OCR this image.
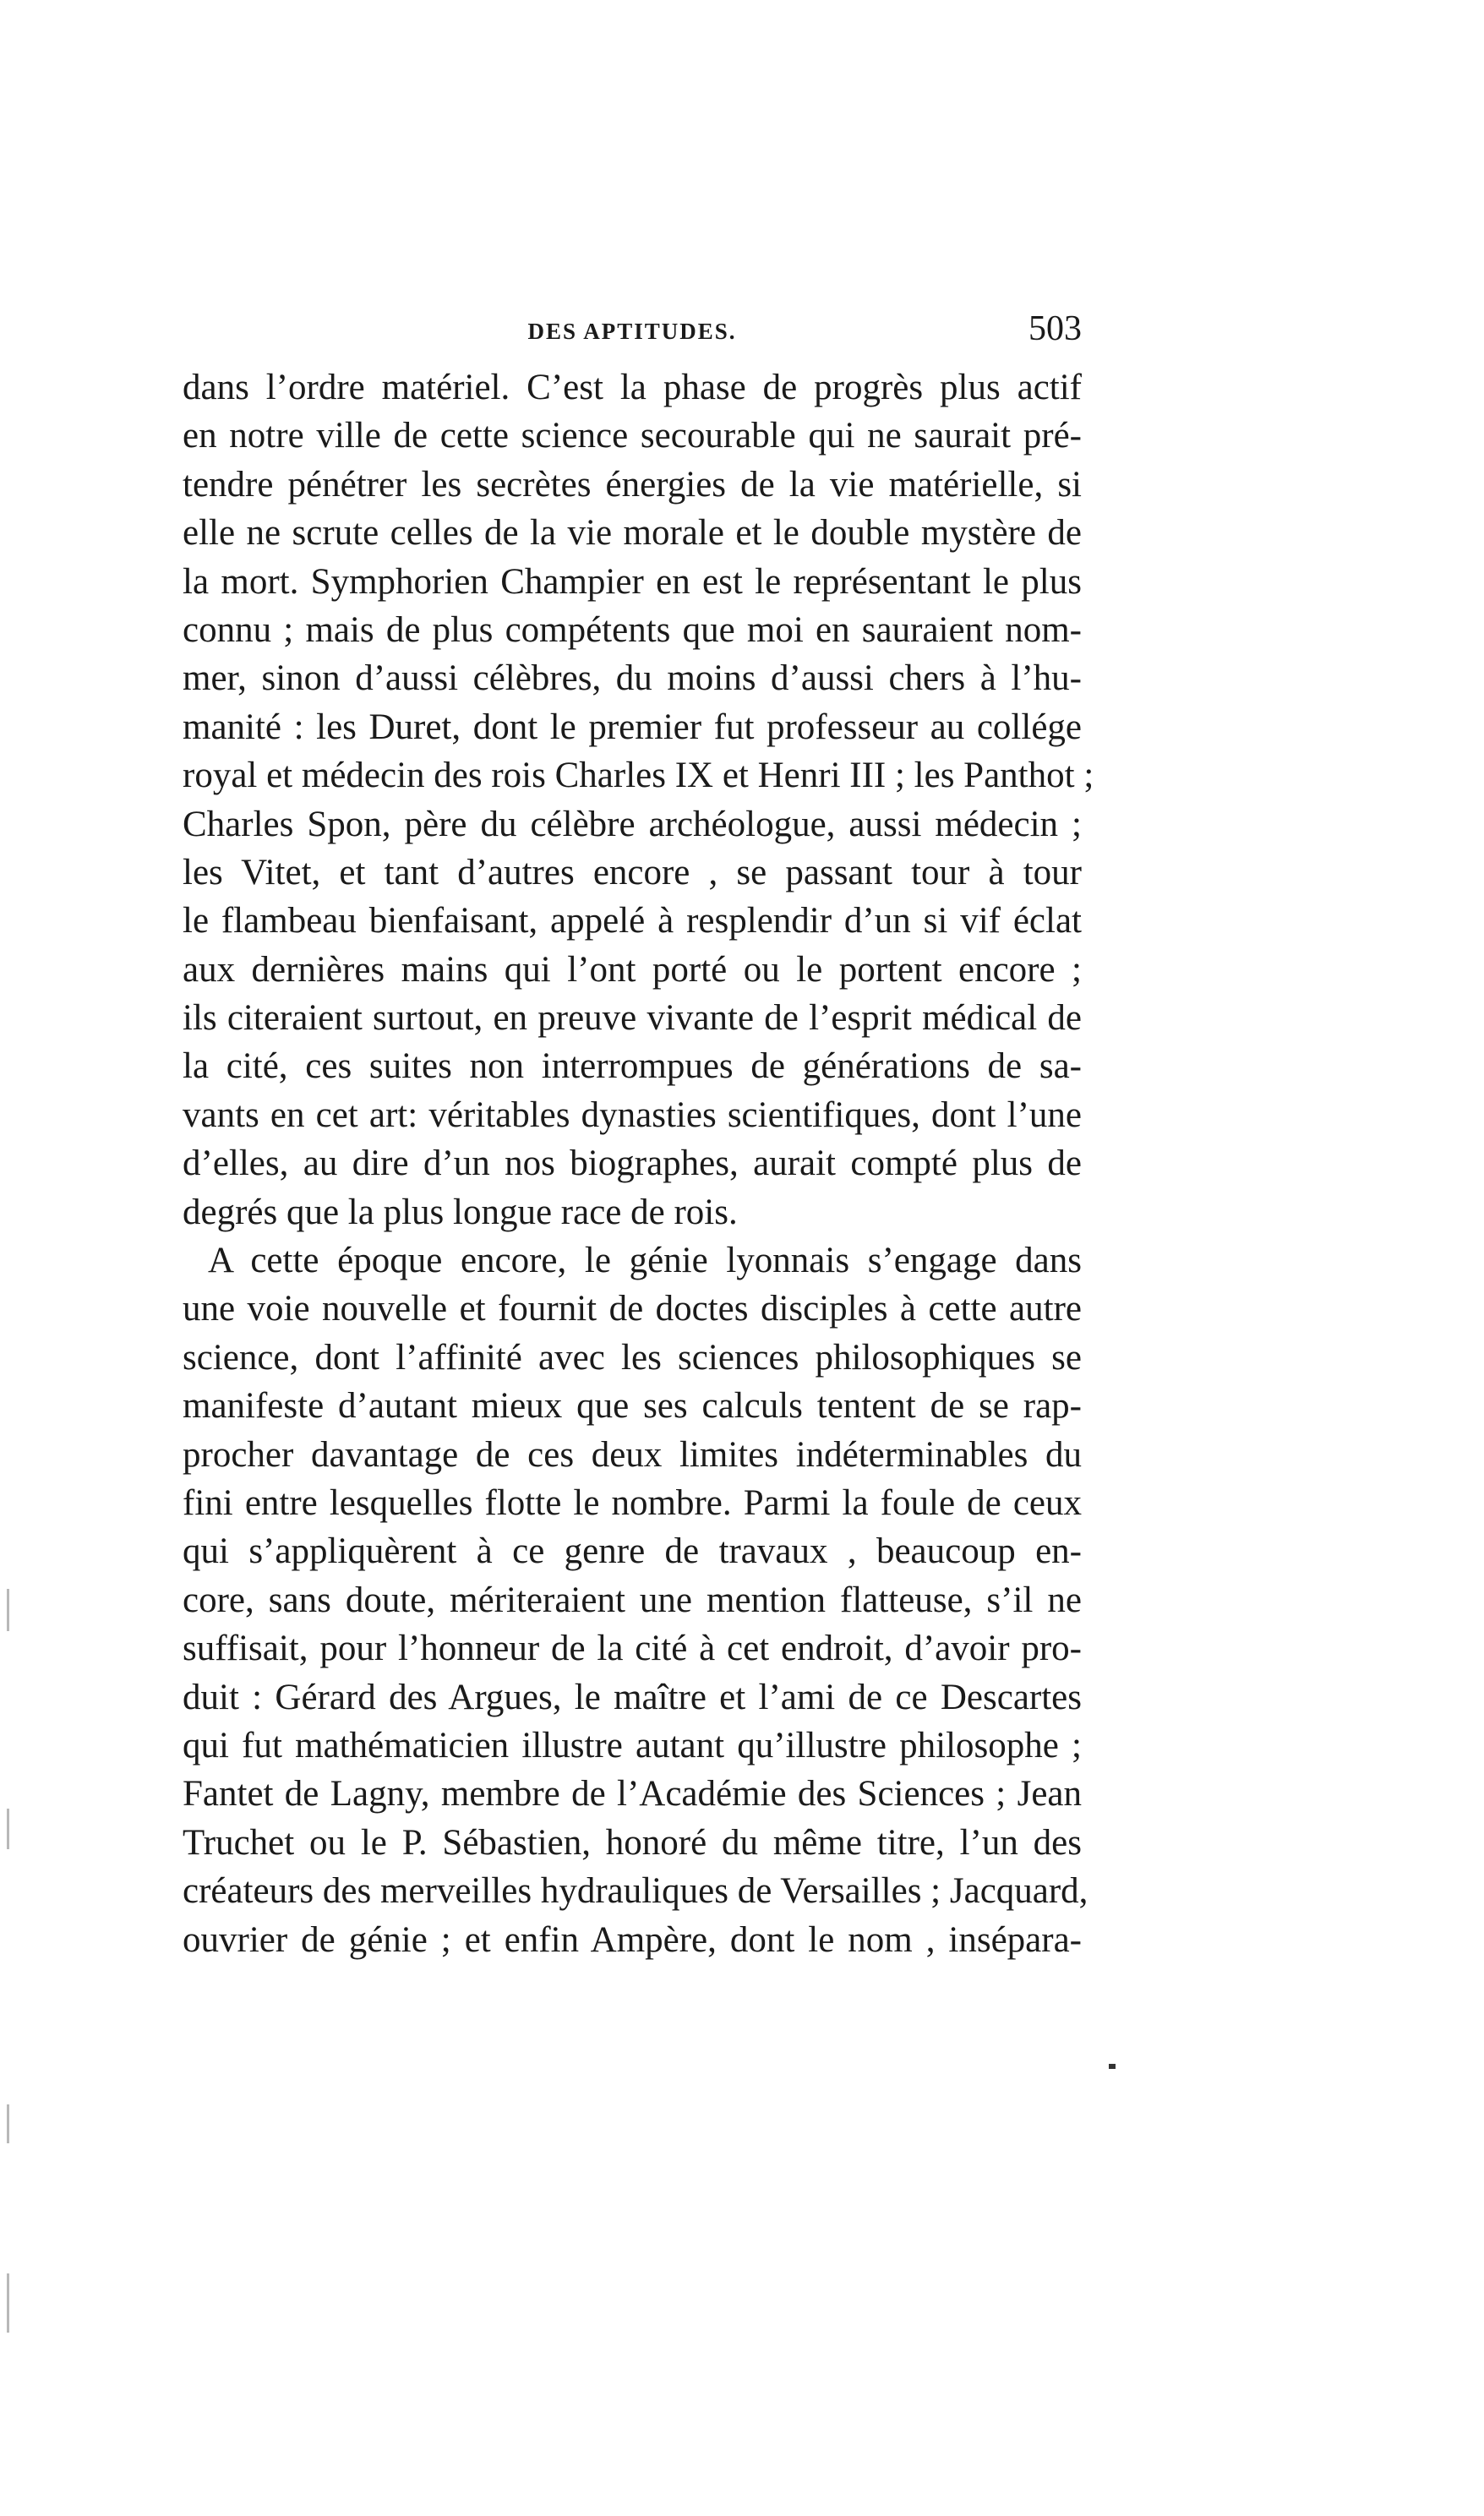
DES APTITUDES.	503

dans l’ordre matériel. C’est la phase de progrès plus actif
en notre ville de cette science secourable qui ne saurait pré-
tendre pénétrer les secrètes énergies de la vie matérielle, si
elle ne scrute celles de la vie morale et le double mystère de
la mort. Symphorien Champier en est le représentant le plus
connu ; mais de plus compétents que moi en sauraient nom-
mer, sinon d’aussi célèbres, du moins d’aussi chers à l’hu-
manité : les Duret, dont le premier fut professeur au collége
royal et médecin des rois Charles IX et Henri III ; les Panthot ;
Charles Spon, père du célèbre archéologue, aussi médecin ;
les Vitet, et tant d’autres encore , se passant tour à tour
le flambeau bienfaisant, appelé à resplendir d’un si vif éclat
aux dernières mains qui l’ont porté ou le portent encore ;
ils citeraient surtout, en preuve vivante de l’esprit médical de
la cité, ces suites non interrompues de générations de sa-
vants en cet art: véritables dynasties scientifiques, dont l’une
d’elles, au dire d’un nos biographes, aurait compté plus de
degrés que la plus longue race de rois.

A cette époque encore, le génie lyonnais s’engage dans
une voie nouvelle et fournit de doctes disciples à cette autre
science, dont l’affinité avec les sciences philosophiques se
manifeste d’autant mieux que ses calculs tentent de se rap-
procher davantage de ces deux limites indéterminables du
fini entre lesquelles flotte le nombre. Parmi la foule de ceux
qui s’appliquèrent à ce genre de travaux , beaucoup en-
core, sans doute, mériteraient une mention flatteuse, s’il ne
suffisait, pour l’honneur de la cité à cet endroit, d’avoir pro-
duit : Gérard des Argues, le maître et l’ami de ce Descartes
qui fut mathématicien illustre autant qu’illustre philosophe ;
Fantet de Lagny, membre de l’Académie des Sciences ; Jean
Truchet ou le P. Sébastien, honoré du même titre, l’un des
créateurs des merveilles hydrauliques de Versailles ; Jacquard,
ouvrier de génie ; et enfin Ampère, dont le nom , insépara-
